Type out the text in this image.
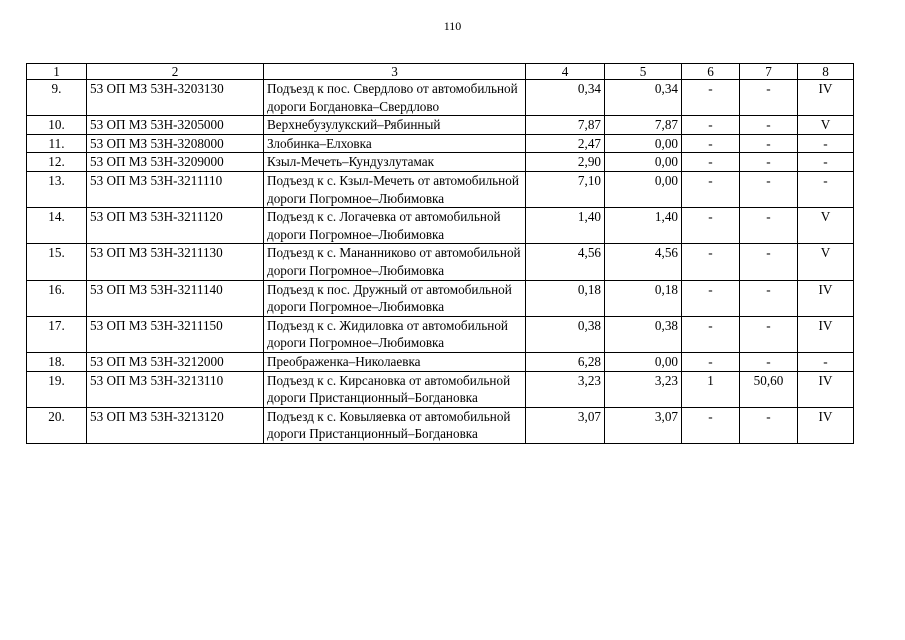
110
1	2	3	4	5	6	7	8
9.	53 ОП МЗ 53Н-3203130	Подъезд к пос. Свердлово от автомобильной дороги Богдановка–Свердлово	0,34	0,34	-	-	IV
10.	53 ОП МЗ 53Н-3205000	Верхнебузулукский–Рябинный	7,87	7,87	-	-	V
11.	53 ОП МЗ 53Н-3208000	Злобинка–Елховка	2,47	0,00	-	-	-
12.	53 ОП МЗ 53Н-3209000	Кзыл-Мечеть–Кундузлутамак	2,90	0,00	-	-	-
13.	53 ОП МЗ 53Н-3211110	Подъезд к с. Кзыл-Мечеть от автомобильной дороги Погромное–Любимовка	7,10	0,00	-	-	-
14.	53 ОП МЗ 53Н-3211120	Подъезд к с. Логачевка от автомобильной дороги Погромное–Любимовка	1,40	1,40	-	-	V
15.	53 ОП МЗ 53Н-3211130	Подъезд к с. Мананниково от автомобильной дороги Погромное–Любимовка	4,56	4,56	-	-	V
16.	53 ОП МЗ 53Н-3211140	Подъезд к пос. Дружный от автомобильной дороги Погромное–Любимовка	0,18	0,18	-	-	IV
17.	53 ОП МЗ 53Н-3211150	Подъезд к с. Жидиловка от автомобильной дороги Погромное–Любимовка	0,38	0,38	-	-	IV
18.	53 ОП МЗ 53Н-3212000	Преображенка–Николаевка	6,28	0,00	-	-	-
19.	53 ОП МЗ 53Н-3213110	Подъезд к с. Кирсановка от автомобильной дороги Пристанционный–Богдановка	3,23	3,23	1	50,60	IV
20.	53 ОП МЗ 53Н-3213120	Подъезд к с. Ковыляевка от автомобильной дороги Пристанционный–Богдановка	3,07	3,07	-	-	IV
